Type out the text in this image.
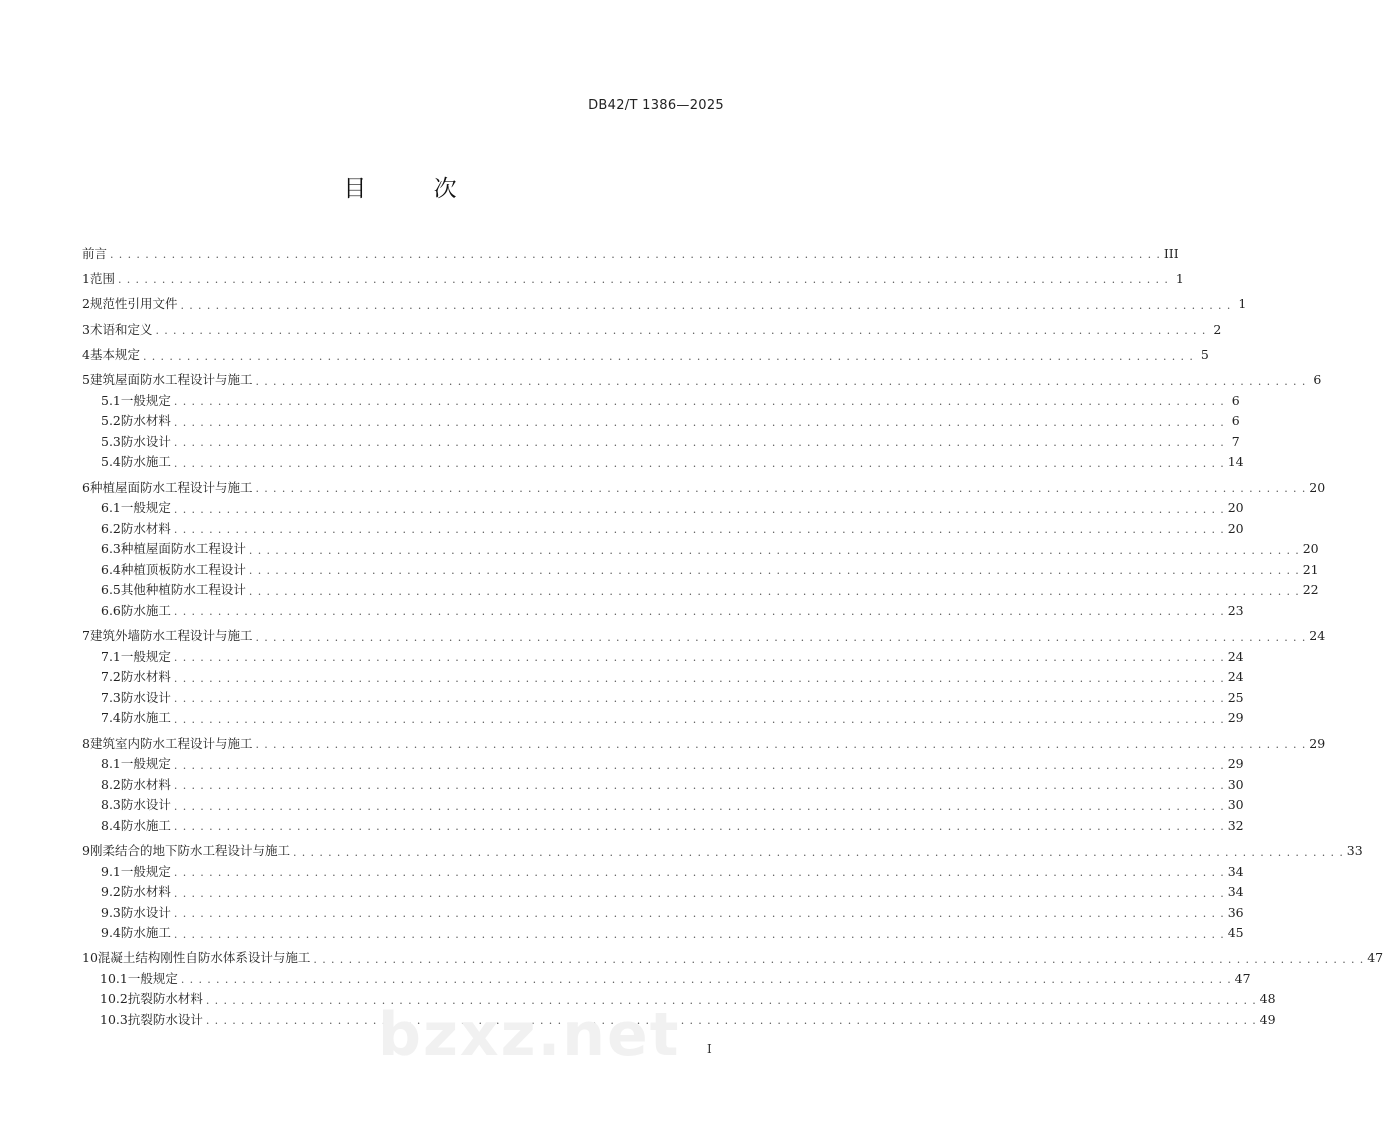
DB42/T 1386—2025
目 次
前言 . . . . . . . . . . . . . . . . . . . . . . . . . . . . . . . . . . . . . . . . . . . . . . . . . . . . . . . . . . . . . . . . . . . . . . . . . . . . . . . . . . . . . . . . . . . . . . . . . . . . . . . . . . . . . . . . . . . . . . . . III
1 范围 . . . . . . . . . . . . . . . . . . . . . . . . . . . . . . . . . . . . . . . . . . . . . . . . . . . . . . . . . . . . . . . . . . . . . . . . . . . . . . . . . . . . . . . . . . . . . . . . . . . . . . . . . . . . . . . . . . . . . . . . 1
2 规范性引用文件 . . . . . . . . . . . . . . . . . . . . . . . . . . . . . . . . . . . . . . . . . . . . . . . . . . . . . . . . . . . . . . . . . . . . . . . . . . . . . . . . . . . . . . . . . . . . . . . . . . . . . . . . . . . . . . . . . . . . . . . . 1
3 术语和定义 . . . . . . . . . . . . . . . . . . . . . . . . . . . . . . . . . . . . . . . . . . . . . . . . . . . . . . . . . . . . . . . . . . . . . . . . . . . . . . . . . . . . . . . . . . . . . . . . . . . . . . . . . . . . . . . . . . . . . . . . 2
4 基本规定 . . . . . . . . . . . . . . . . . . . . . . . . . . . . . . . . . . . . . . . . . . . . . . . . . . . . . . . . . . . . . . . . . . . . . . . . . . . . . . . . . . . . . . . . . . . . . . . . . . . . . . . . . . . . . . . . . . . . . . . . 5
5 建筑屋面防水工程设计与施工 . . . . . . . . . . . . . . . . . . . . . . . . . . . . . . . . . . . . . . . . . . . . . . . . . . . . . . . . . . . . . . . . . . . . . . . . . . . . . . . . . . . . . . . . . . . . . . . . . . . . . . . . . . . . . . . . . . . . . . . . 6
5.1 一般规定 . . . . . . . . . . . . . . . . . . . . . . . . . . . . . . . . . . . . . . . . . . . . . . . . . . . . . . . . . . . . . . . . . . . . . . . . . . . . . . . . . . . . . . . . . . . . . . . . . . . . . . . . . . . . . . . . . . . . . . . . 6
5.2 防水材料 . . . . . . . . . . . . . . . . . . . . . . . . . . . . . . . . . . . . . . . . . . . . . . . . . . . . . . . . . . . . . . . . . . . . . . . . . . . . . . . . . . . . . . . . . . . . . . . . . . . . . . . . . . . . . . . . . . . . . . . . 6
5.3 防水设计 . . . . . . . . . . . . . . . . . . . . . . . . . . . . . . . . . . . . . . . . . . . . . . . . . . . . . . . . . . . . . . . . . . . . . . . . . . . . . . . . . . . . . . . . . . . . . . . . . . . . . . . . . . . . . . . . . . . . . . . . 7
5.4 防水施工 . . . . . . . . . . . . . . . . . . . . . . . . . . . . . . . . . . . . . . . . . . . . . . . . . . . . . . . . . . . . . . . . . . . . . . . . . . . . . . . . . . . . . . . . . . . . . . . . . . . . . . . . . . . . . . . . . . . . . . . . 14
6 种植屋面防水工程设计与施工 . . . . . . . . . . . . . . . . . . . . . . . . . . . . . . . . . . . . . . . . . . . . . . . . . . . . . . . . . . . . . . . . . . . . . . . . . . . . . . . . . . . . . . . . . . . . . . . . . . . . . . . . . . . . . . . . . . . . . . . . 20
6.1 一般规定 . . . . . . . . . . . . . . . . . . . . . . . . . . . . . . . . . . . . . . . . . . . . . . . . . . . . . . . . . . . . . . . . . . . . . . . . . . . . . . . . . . . . . . . . . . . . . . . . . . . . . . . . . . . . . . . . . . . . . . . . 20
6.2 防水材料 . . . . . . . . . . . . . . . . . . . . . . . . . . . . . . . . . . . . . . . . . . . . . . . . . . . . . . . . . . . . . . . . . . . . . . . . . . . . . . . . . . . . . . . . . . . . . . . . . . . . . . . . . . . . . . . . . . . . . . . . 20
6.3 种植屋面防水工程设计 . . . . . . . . . . . . . . . . . . . . . . . . . . . . . . . . . . . . . . . . . . . . . . . . . . . . . . . . . . . . . . . . . . . . . . . . . . . . . . . . . . . . . . . . . . . . . . . . . . . . . . . . . . . . . . . . . . . . . . . . 20
6.4 种植顶板防水工程设计 . . . . . . . . . . . . . . . . . . . . . . . . . . . . . . . . . . . . . . . . . . . . . . . . . . . . . . . . . . . . . . . . . . . . . . . . . . . . . . . . . . . . . . . . . . . . . . . . . . . . . . . . . . . . . . . . . . . . . . . . 21
6.5 其他种植防水工程设计 . . . . . . . . . . . . . . . . . . . . . . . . . . . . . . . . . . . . . . . . . . . . . . . . . . . . . . . . . . . . . . . . . . . . . . . . . . . . . . . . . . . . . . . . . . . . . . . . . . . . . . . . . . . . . . . . . . . . . . . . 22
6.6 防水施工 . . . . . . . . . . . . . . . . . . . . . . . . . . . . . . . . . . . . . . . . . . . . . . . . . . . . . . . . . . . . . . . . . . . . . . . . . . . . . . . . . . . . . . . . . . . . . . . . . . . . . . . . . . . . . . . . . . . . . . . . 23
7 建筑外墙防水工程设计与施工 . . . . . . . . . . . . . . . . . . . . . . . . . . . . . . . . . . . . . . . . . . . . . . . . . . . . . . . . . . . . . . . . . . . . . . . . . . . . . . . . . . . . . . . . . . . . . . . . . . . . . . . . . . . . . . . . . . . . . . . . 24
7.1 一般规定 . . . . . . . . . . . . . . . . . . . . . . . . . . . . . . . . . . . . . . . . . . . . . . . . . . . . . . . . . . . . . . . . . . . . . . . . . . . . . . . . . . . . . . . . . . . . . . . . . . . . . . . . . . . . . . . . . . . . . . . . 24
7.2 防水材料 . . . . . . . . . . . . . . . . . . . . . . . . . . . . . . . . . . . . . . . . . . . . . . . . . . . . . . . . . . . . . . . . . . . . . . . . . . . . . . . . . . . . . . . . . . . . . . . . . . . . . . . . . . . . . . . . . . . . . . . . 24
7.3 防水设计 . . . . . . . . . . . . . . . . . . . . . . . . . . . . . . . . . . . . . . . . . . . . . . . . . . . . . . . . . . . . . . . . . . . . . . . . . . . . . . . . . . . . . . . . . . . . . . . . . . . . . . . . . . . . . . . . . . . . . . . . 25
7.4 防水施工 . . . . . . . . . . . . . . . . . . . . . . . . . . . . . . . . . . . . . . . . . . . . . . . . . . . . . . . . . . . . . . . . . . . . . . . . . . . . . . . . . . . . . . . . . . . . . . . . . . . . . . . . . . . . . . . . . . . . . . . . 29
8 建筑室内防水工程设计与施工 . . . . . . . . . . . . . . . . . . . . . . . . . . . . . . . . . . . . . . . . . . . . . . . . . . . . . . . . . . . . . . . . . . . . . . . . . . . . . . . . . . . . . . . . . . . . . . . . . . . . . . . . . . . . . . . . . . . . . . . . 29
8.1 一般规定 . . . . . . . . . . . . . . . . . . . . . . . . . . . . . . . . . . . . . . . . . . . . . . . . . . . . . . . . . . . . . . . . . . . . . . . . . . . . . . . . . . . . . . . . . . . . . . . . . . . . . . . . . . . . . . . . . . . . . . . . 29
8.2 防水材料 . . . . . . . . . . . . . . . . . . . . . . . . . . . . . . . . . . . . . . . . . . . . . . . . . . . . . . . . . . . . . . . . . . . . . . . . . . . . . . . . . . . . . . . . . . . . . . . . . . . . . . . . . . . . . . . . . . . . . . . . 30
8.3 防水设计 . . . . . . . . . . . . . . . . . . . . . . . . . . . . . . . . . . . . . . . . . . . . . . . . . . . . . . . . . . . . . . . . . . . . . . . . . . . . . . . . . . . . . . . . . . . . . . . . . . . . . . . . . . . . . . . . . . . . . . . . 30
8.4 防水施工 . . . . . . . . . . . . . . . . . . . . . . . . . . . . . . . . . . . . . . . . . . . . . . . . . . . . . . . . . . . . . . . . . . . . . . . . . . . . . . . . . . . . . . . . . . . . . . . . . . . . . . . . . . . . . . . . . . . . . . . . 32
9 刚柔结合的地下防水工程设计与施工 . . . . . . . . . . . . . . . . . . . . . . . . . . . . . . . . . . . . . . . . . . . . . . . . . . . . . . . . . . . . . . . . . . . . . . . . . . . . . . . . . . . . . . . . . . . . . . . . . . . . . . . . . . . . . . . . . . . . . . . . 33
9.1 一般规定 . . . . . . . . . . . . . . . . . . . . . . . . . . . . . . . . . . . . . . . . . . . . . . . . . . . . . . . . . . . . . . . . . . . . . . . . . . . . . . . . . . . . . . . . . . . . . . . . . . . . . . . . . . . . . . . . . . . . . . . . 34
9.2 防水材料 . . . . . . . . . . . . . . . . . . . . . . . . . . . . . . . . . . . . . . . . . . . . . . . . . . . . . . . . . . . . . . . . . . . . . . . . . . . . . . . . . . . . . . . . . . . . . . . . . . . . . . . . . . . . . . . . . . . . . . . . 34
9.3 防水设计 . . . . . . . . . . . . . . . . . . . . . . . . . . . . . . . . . . . . . . . . . . . . . . . . . . . . . . . . . . . . . . . . . . . . . . . . . . . . . . . . . . . . . . . . . . . . . . . . . . . . . . . . . . . . . . . . . . . . . . . . 36
9.4 防水施工 . . . . . . . . . . . . . . . . . . . . . . . . . . . . . . . . . . . . . . . . . . . . . . . . . . . . . . . . . . . . . . . . . . . . . . . . . . . . . . . . . . . . . . . . . . . . . . . . . . . . . . . . . . . . . . . . . . . . . . . . 45
10 混凝土结构刚性自防水体系设计与施工 . . . . . . . . . . . . . . . . . . . . . . . . . . . . . . . . . . . . . . . . . . . . . . . . . . . . . . . . . . . . . . . . . . . . . . . . . . . . . . . . . . . . . . . . . . . . . . . . . . . . . . . . . . . . . . . . . . . . . . . . 47
10.1 一般规定 . . . . . . . . . . . . . . . . . . . . . . . . . . . . . . . . . . . . . . . . . . . . . . . . . . . . . . . . . . . . . . . . . . . . . . . . . . . . . . . . . . . . . . . . . . . . . . . . . . . . . . . . . . . . . . . . . . . . . . . . 47
10.2 抗裂防水材料 . . . . . . . . . . . . . . . . . . . . . . . . . . . . . . . . . . . . . . . . . . . . . . . . . . . . . . . . . . . . . . . . . . . . . . . . . . . . . . . . . . . . . . . . . . . . . . . . . . . . . . . . . . . . . . . . . . . . . . . . 48
10.3 抗裂防水设计 . . . . . . . . . . . . . . . . . . . . . . . . . . . . . . . . . . . . . . . . . . . . . . . . . . . . . . . . . . . . . . . . . . . . . . . . . . . . . . . . . . . . . . . . . . . . . . . . . . . . . . . . . . . . . . . . . . . . . . . . 49
bzxz.net I
